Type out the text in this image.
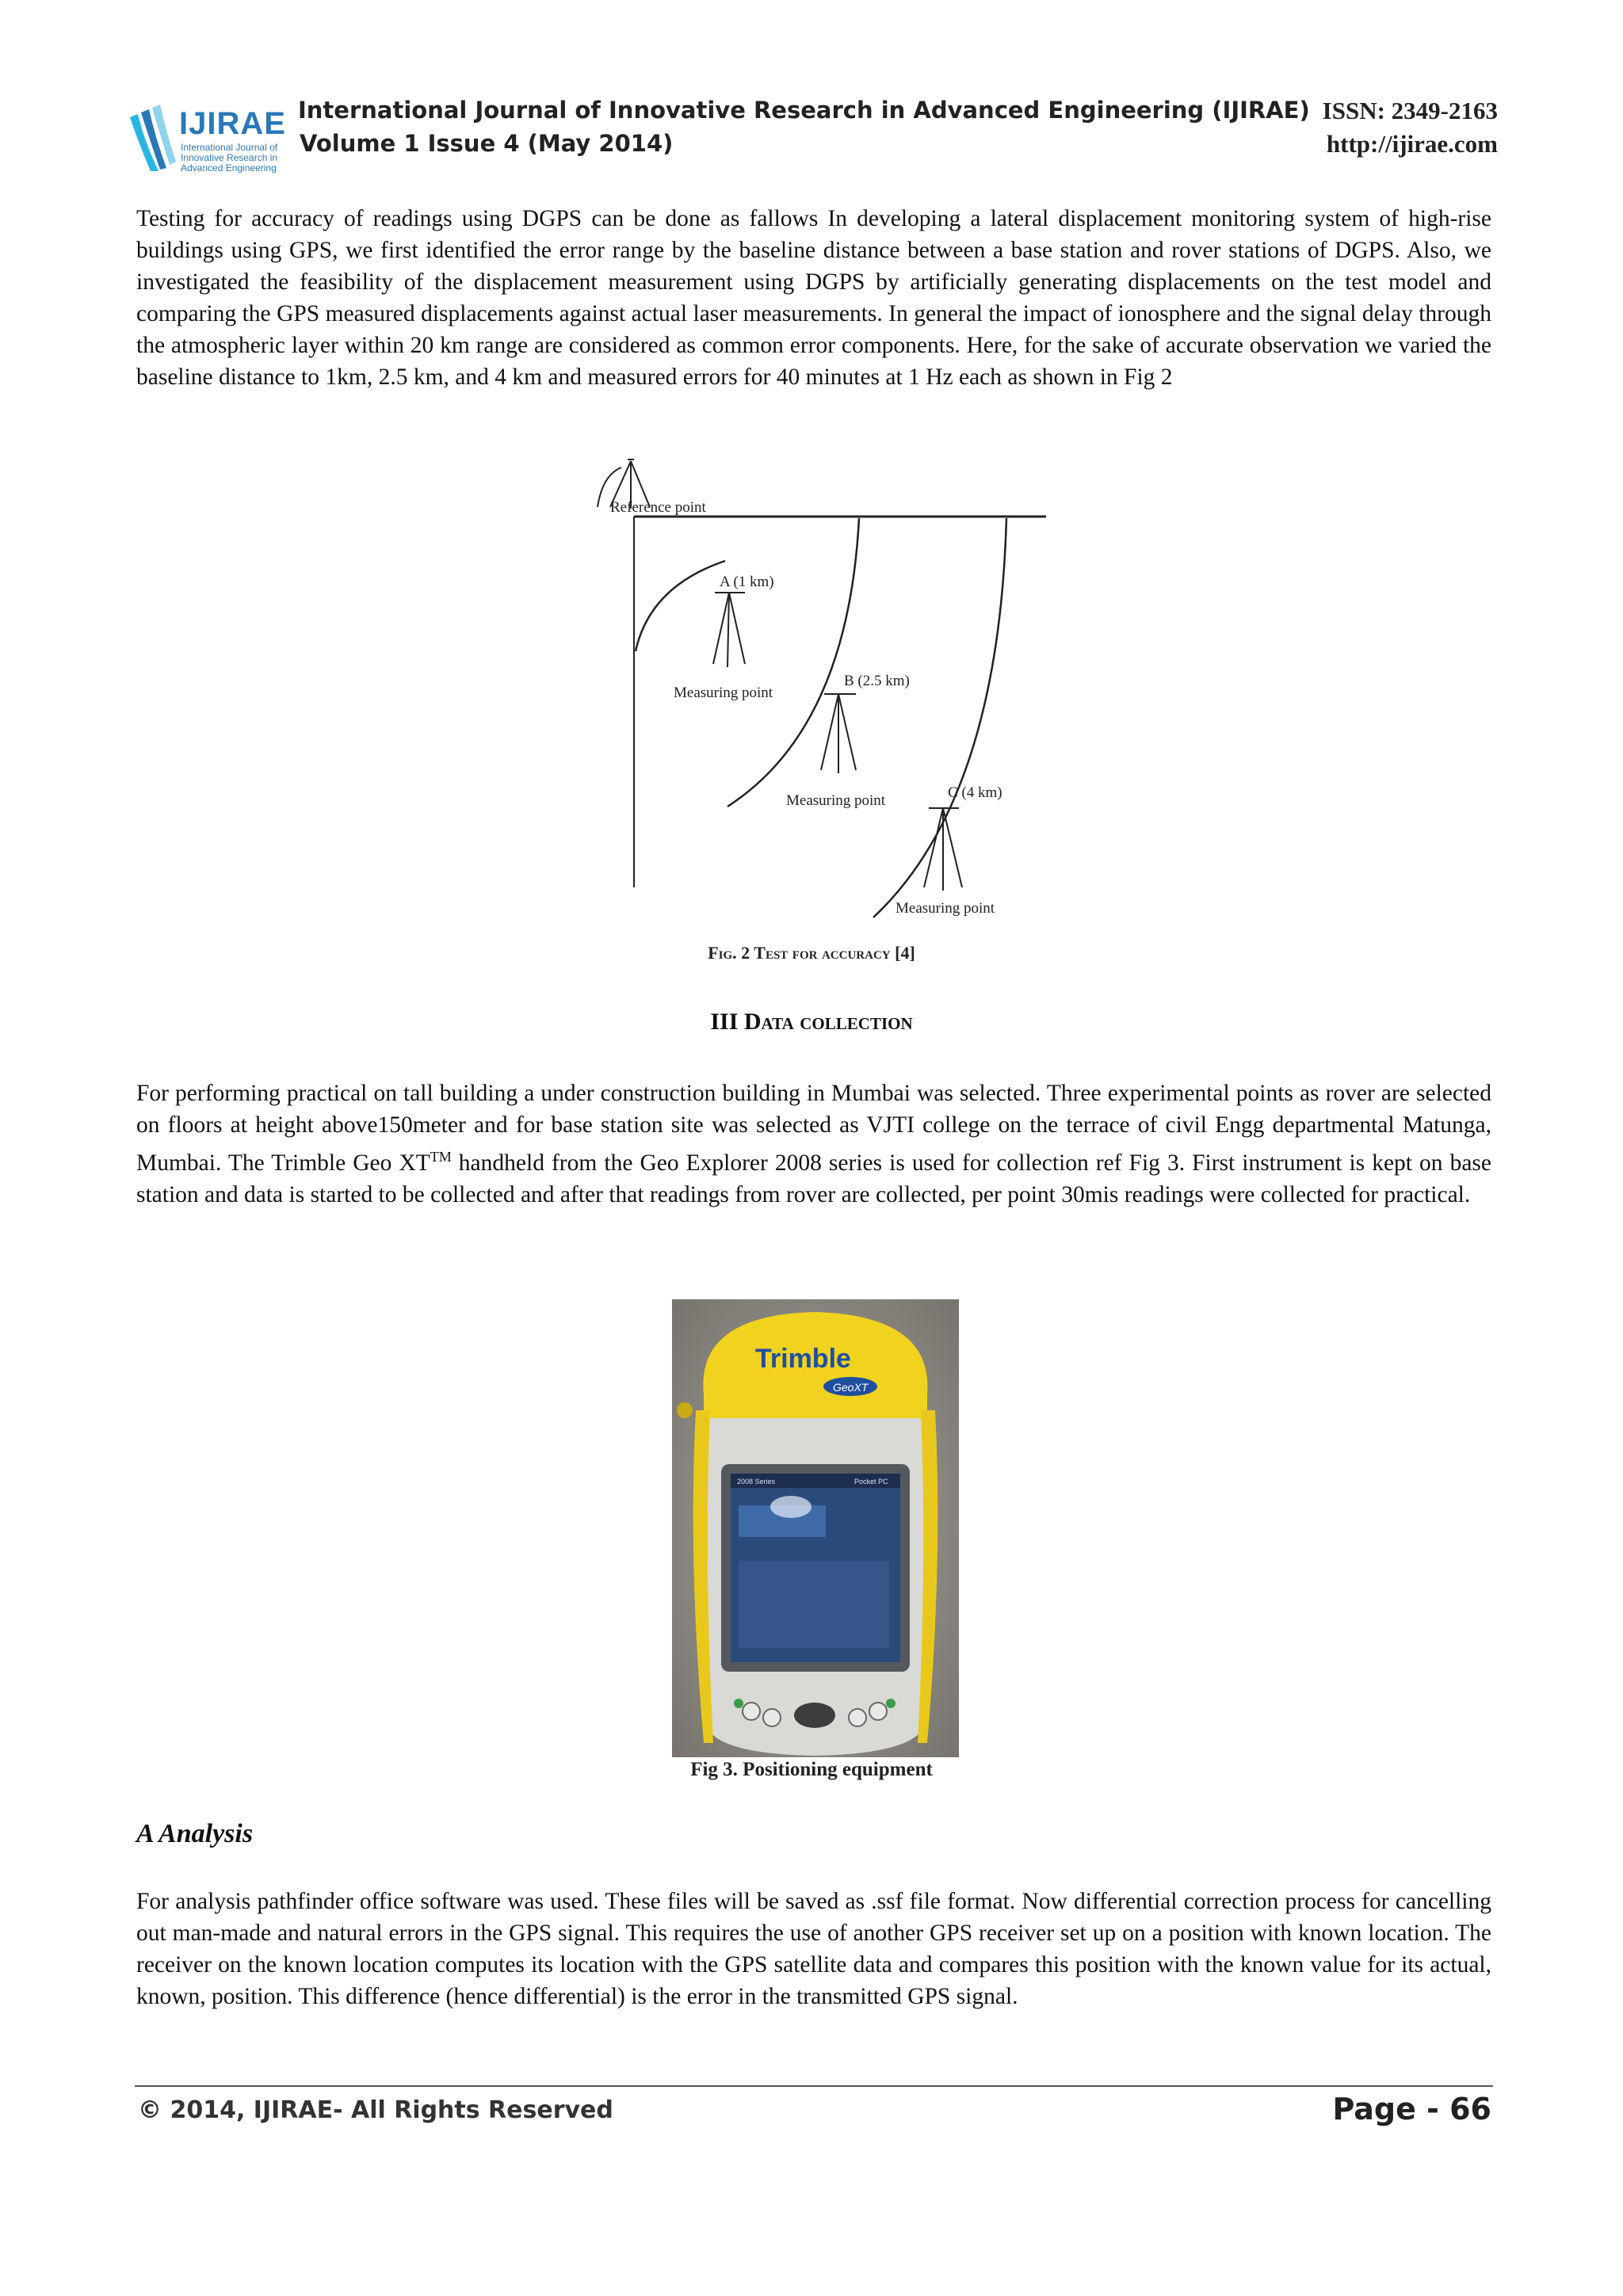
IJIRAE
International Journal of Innovative Research in Advanced Engineering
International Journal of Innovative Research in Advanced Engineering (IJIRAE)
Volume 1 Issue 4 (May 2014)
ISSN: 2349-2163
http://ijirae.com

Testing for accuracy of readings using DGPS can be done as fallows In developing a lateral displacement monitoring system of high-rise buildings using GPS, we first identified the error range by the baseline distance between a base station and rover stations of DGPS. Also, we investigated the feasibility of the displacement measurement using DGPS by artificially generating displacements on the test model and comparing the GPS measured displacements against actual laser measurements. In general the impact of ionosphere and the signal delay through the atmospheric layer within 20 km range are considered as common error components. Here, for the sake of accurate observation we varied the baseline distance to 1km, 2.5 km, and 4 km and measured errors for 40 minutes at 1 Hz each as shown in Fig 2

Reference point
A (1 km)
Measuring point
B (2.5 km)
Measuring point	C (4 km)
Measuring point
Fig. 2 Test for accuracy [4]
III Data collection

For performing practical on tall building a under construction building in Mumbai was selected. Three experimental points as rover are selected on floors at height above150meter and for base station site was selected as VJTI college on the terrace of civil Engg departmental Matunga, Mumbai. The Trimble Geo XT™ handheld from the Geo Explorer 2008 series is used for collection ref Fig 3. First instrument is kept on base station and data is started to be collected and after that readings from rover are collected, per point 30mis readings were collected for practical.

Trimble
GeoXT
2008 Series	Pocket PC
Fig 3. Positioning equipment
A Analysis

For analysis pathfinder office software was used. These files will be saved as .ssf file format. Now differential correction process for cancelling out man-made and natural errors in the GPS signal. This requires the use of another GPS receiver set up on a position with known location. The receiver on the known location computes its location with the GPS satellite data and compares this position with the known value for its actual, known, position. This difference (hence differential) is the error in the transmitted GPS signal.

© 2014, IJIRAE- All Rights Reserved	Page - 66
